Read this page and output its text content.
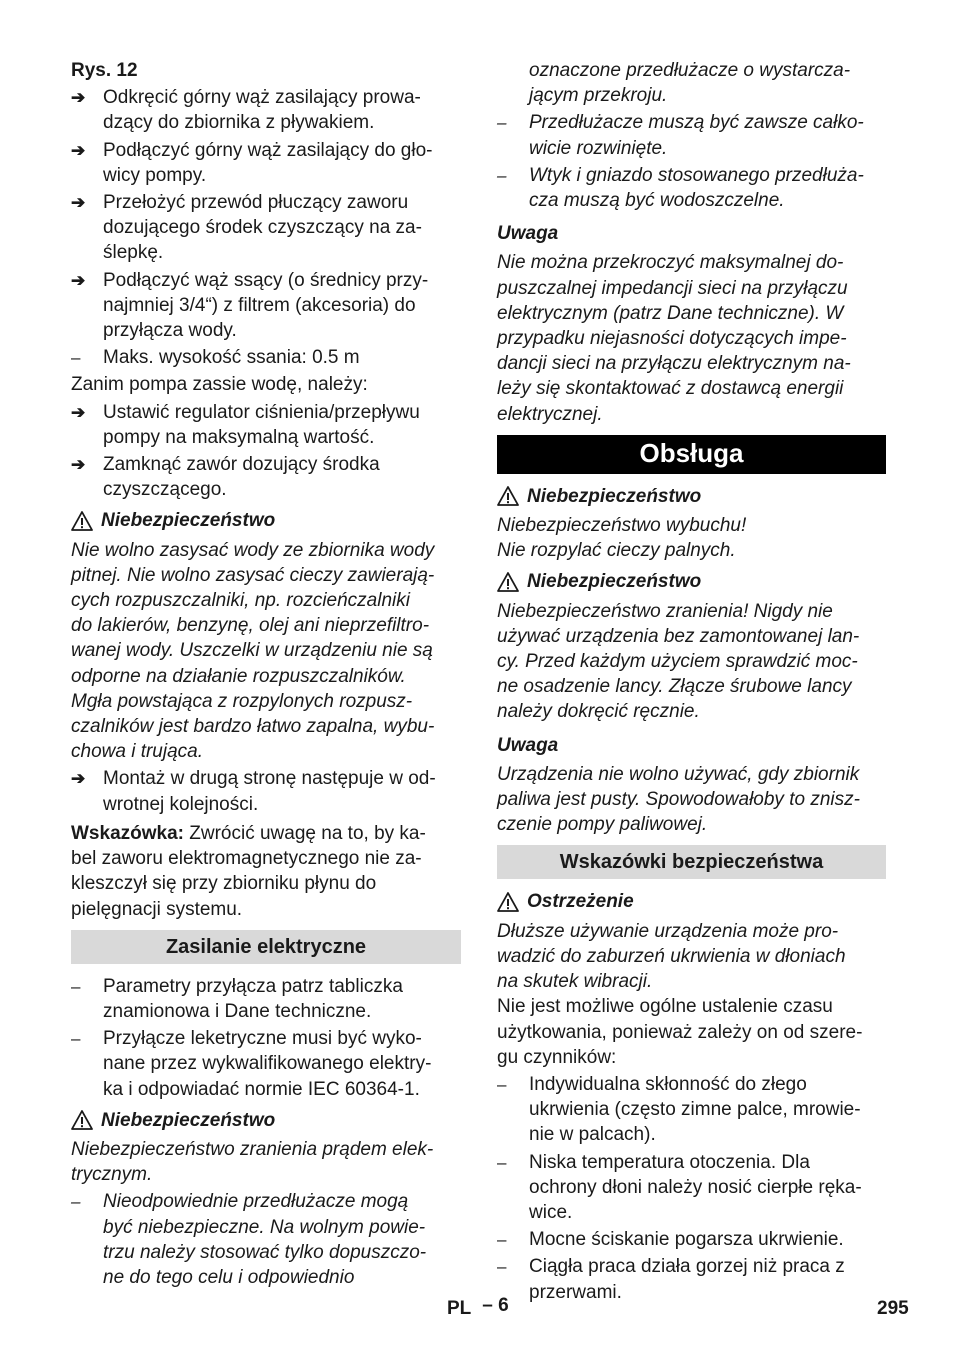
Rys. 12

➔ Odkręcić górny wąż zasilający prowa-
dzący do zbiornika z pływakiem.
➔ Podłączyć górny wąż zasilający do gło-
wicy pompy.
➔ Przełożyć przewód płuczący zaworu
dozującego środek czyszczący na za-
ślepkę.
➔ Podłączyć wąż ssący (o średnicy przy-
najmniej 3/4“) z filtrem (akcesoria) do
przyłącza wody.
–	Maks. wysokość ssania: 0.5 m

Zanim pompa zassie wodę, należy:

➔ Ustawić regulator ciśnienia/przepływu
pompy na maksymalną wartość.
➔ Zamknąć zawór dozujący środka
czyszczącego.
Niebezpieczeństwo

Nie wolno zasysać wody ze zbiornika wody

pitnej. Nie wolno zasysać cieczy zawierają-

cych rozpuszczalniki, np. rozcieńczalniki

do lakierów, benzynę, olej ani nieprzefiltro-

wanej wody. Uszczelki w urządzeniu nie są

odporne na działanie rozpuszczalników.

Mgła powstająca z rozpylonych rozpusz-

czalników jest bardzo łatwo zapalna, wybu-

chowa i trująca.

➔ Montaż w drugą stronę następuje w od-
wrotnej kolejności.
Wskazówka: Zwrócić uwagę na to, by ka-
bel zaworu elektromagnetycznego nie za-
kleszczył się przy zbiorniku płynu do
pielęgnacji systemu.
Zasilanie elektryczne
–	Parametry przyłącza patrz tabliczka
znamionowa i Dane techniczne.
–	Przyłącze leketryczne musi być wyko-
nane przez wykwalifikowanego elektry-
ka i odpowiadać normie IEC 60364-1.
Niebezpieczeństwo

Niebezpieczeństwo zranienia prądem elek-

trycznym.

–	Nieodpowiednie przedłużacze mogą
być niebezpieczne. Na wolnym powie-
trzu należy stosować tylko dopuszczo-
ne do tego celu i odpowiednio
oznaczone przedłużacze o wystarcza-
jącym przekroju.
–	Przedłużacze muszą być zawsze całko-
wicie rozwinięte.
–	Wtyk i gniazdo stosowanego przedłuża-
cza muszą być wodoszczelne.
Uwaga

Nie można przekroczyć maksymalnej do-

puszczalnej impedancji sieci na przyłączu

elektrycznym (patrz Dane techniczne). W

przypadku niejasności dotyczących impe-

dancji sieci na przyłączu elektrycznym na-

leży się skontaktować z dostawcą energii

elektrycznej.

Obsługa
Niebezpieczeństwo

Niebezpieczeństwo wybuchu!

Nie rozpylać cieczy palnych.

Niebezpieczeństwo

Niebezpieczeństwo zranienia! Nigdy nie

używać urządzenia bez zamontowanej lan-

cy. Przed każdym użyciem sprawdzić moc-

ne osadzenie lancy. Złącze śrubowe lancy

należy dokręcić ręcznie.

Uwaga

Urządzenia nie wolno używać, gdy zbiornik

paliwa jest pusty. Spowodowałoby to znisz-

czenie pompy paliwowej.

Wskazówki bezpieczeństwa
Ostrzeżenie

Dłuższe używanie urządzenia może pro-

wadzić do zaburzeń ukrwienia w dłoniach

na skutek wibracji.

Nie jest możliwe ogólne ustalenie czasu

użytkowania, ponieważ zależy on od szere-

gu czynników:

–	Indywidualna skłonność do złego
ukrwienia (często zimne palce, mrowie-
nie w palcach).
–	Niska temperatura otoczenia. Dla
ochrony dłoni należy nosić cierpłe ręka-
wice.
–	Mocne ściskanie pogarsza ukrwienie.
–	Ciągła praca działa gorzej niż praca z
przerwami.
PL – 6	295
